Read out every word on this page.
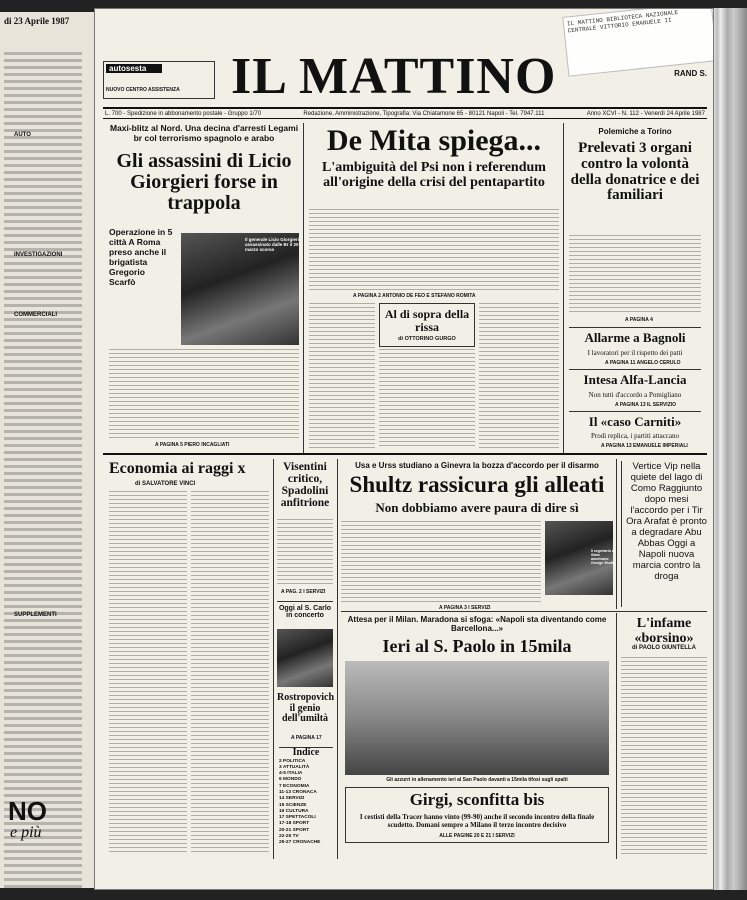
di 23 Aprile 1987
AUTO
INVESTIGAZIONI
COMMERCIALI
SUPPLEMENTI
NO
e più
autosesta
NUOVO CENTRO ASSISTENZA IL MATTINO	RAND S.
IL MATTINO BIBLIOTECA NAZIONALE CENTRALE VITTORIO EMANUELE II
L. 700 - Spedizione in abbonamento postale - Gruppo 1/70	Redazione, Amministrazione, Tipografia: Via Chiatamone 65 - 80121 Napoli - Tel. 7947.111	Anno XCVI - N. 112 - Venerdì 24 Aprile 1987
Maxi-blitz al Nord. Una decina d'arresti Legami br col terrorismo spagnolo e arabo
Gli assassini di Licio Giorgieri forse in trappola
Operazione in 5 città A Roma preso anche il brigatista Gregorio Scarfò
Il generale Licio Giorgieri assassinato dalle Br il 20 marzo scorso
A PAGINA 5 PIERO INCAGLIATI
De Mita spiega...
L'ambiguità del Psi non i referendum all'origine della crisi del pentapartito
A PAGINA 2 ANTONIO DE FEO E STEFANO ROMITA
Al di sopra della rissa
di OTTORINO GURGO
Polemiche a Torino
Prelevati 3 organi contro la volontà della donatrice e dei familiari
A PAGINA 4
Allarme a Bagnoli
I lavoratori per il rispetto dei patti
A PAGINA 11 ANGELO CERULO
Intesa Alfa-Lancia
Non tutti d'accordo a Pomigliano
A PAGINA 13 IL SERVIZIO
Il «caso Carniti»
Prodi replica, i partiti attaccano
A PAGINA 13 EMANUELE IMPERIALI
Economia ai raggi x
di SALVATORE VINCI
Visentini critico, Spadolini anfitrione
A PAG. 2 I SERVIZI
Oggi al S. Carlo in concerto
Rostropovich il genio dell'umiltà
A PAGINA 17
Indice
2 POLITICA
3 ATTUALITÀ
4-5 ITALIA
6 MONDO
7 ECONOMIA
11-13 CRONACA
14 SERVIZI
15 SCIENZE
16 CULTURA
17 SPETTACOLI
17-18 SPORT
20-21 SPORT
22-25 TV
25-27 CRONACHE
Usa e Urss studiano a Ginevra la bozza d'accordo per il disarmo
Shultz rassicura gli alleati
Non dobbiamo avere paura di dire sì
Il segretario di Stato americano George Shultz
A PAGINA 3 I SERVIZI
Vertice Vip nella quiete del lago di Como Raggiunto dopo mesi l'accordo per i Tir Ora Arafat è pronto a degradare Abu Abbas Oggi a Napoli nuova marcia contro la droga
Attesa per il Milan. Maradona si sfoga: «Napoli sta diventando come Barcellona...»
Ieri al S. Paolo in 15mila
Gli azzurri in allenamento ieri al San Paolo davanti a 15mila tifosi sugli spalti
Girgi, sconfitta bis
I cestisti della Tracer hanno vinto (99-90) anche il secondo incontro della finale scudetto. Domani sempre a Milano il terzo incontro decisivo
ALLE PAGINE 20 E 21 I SERVIZI
L'infame «borsino»
di PAOLO GIUNTELLA
